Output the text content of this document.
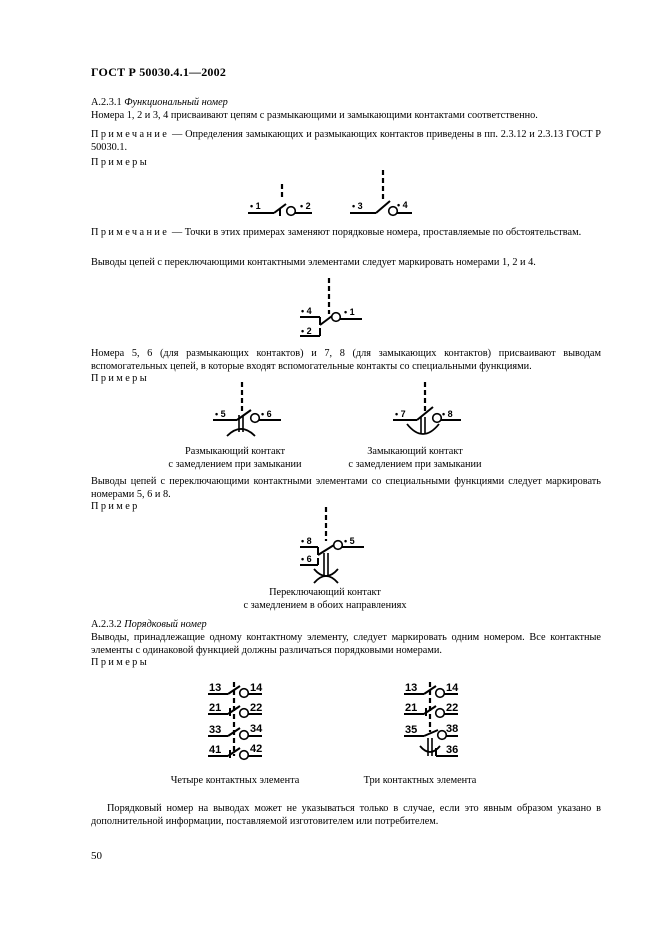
ГОСТ Р 50030.4.1—2002
А.2.3.1 Функциональный номер
Номера 1, 2 и 3, 4 присваивают цепям с размыкающими и замыкающими контактами соответственно.
Примечание — Определения замыкающих и размыкающих контактов приведены в пп. 2.3.12 и 2.3.13 ГОСТ Р 50030.1.
Примеры
• 1	• 2	• 3	• 4
Примечание — Точки в этих примерах заменяют порядковые номера, проставляемые по обстоятельствам.
Выводы цепей с переключающими контактными элементами следует маркировать номерами 1, 2 и 4.
• 4	• 1
• 2
Номера 5, 6 (для размыкающих контактов) и 7, 8 (для замыкающих контактов) присваивают выводам вспомогательных цепей, в которые входят вспомогательные контакты со специальными функциями.
Примеры
• 5	• 6	• 7	• 8
Размыкающий контакт
с замедлением при замыкании
Замыкающий контакт
с замедлением при замыкании
Выводы цепей с переключающими контактными элементами со специальными функциями следует маркировать номерами 5, 6 и 8.
Пример
• 8	• 5
• 6
Переключающий контакт
с замедлением в обоих направлениях
А.2.3.2 Порядковый номер
Выводы, принадлежащие одному контактному элементу, следует маркировать одним номером. Все контактные элементы с одинаковой функцией должны различаться порядковыми номерами.
Примеры
13	14
21	22
33	34
41	42
13	14
21	22
35
36
38
Четыре контактных элемента	Три контактных элемента
Порядковый номер на выводах может не указываться только в случае, если это явным образом указано в дополнительной информации, поставляемой изготовителем или потребителем.
50
